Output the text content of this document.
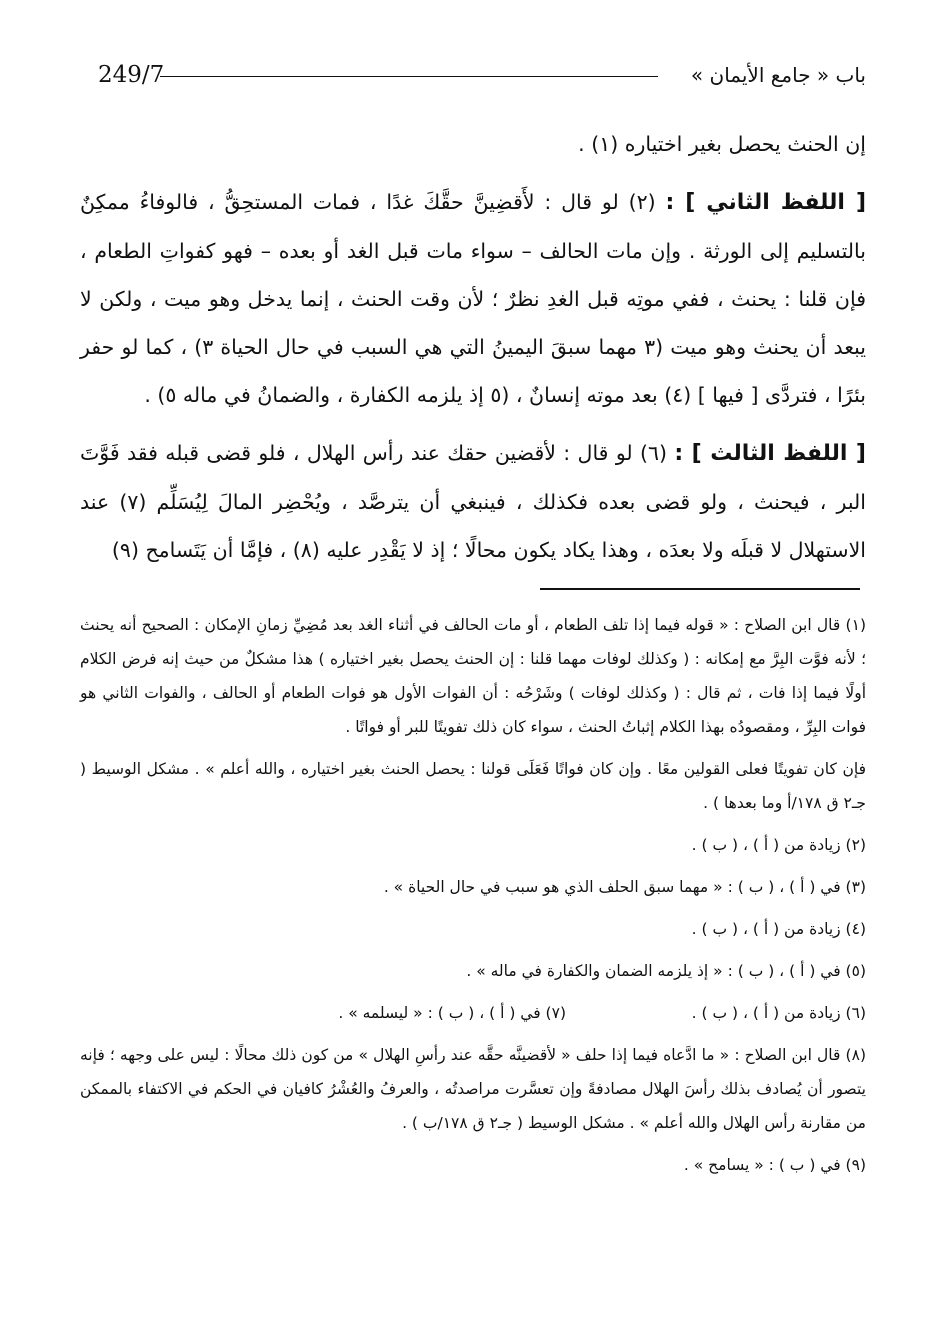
249/7	باب « جامع الأيمان »

إن الحنث يحصل بغير اختياره (١) .

[ اللفظ الثاني ] : (٢) لو قال : لأَقضِينَّ حقَّكَ غدًا ، فمات المستحِقُّ ، فالوفاءُ ممكِنٌ بالتسليم إلى الورثة . وإن مات الحالف – سواء مات قبل الغد أو بعده – فهو كفواتِ الطعام ، فإن قلنا : يحنث ، ففي موتِه قبل الغدِ نظرٌ ؛ لأن وقت الحنث ، إنما يدخل وهو ميت ، ولكن لا يبعد أن يحنث وهو ميت (٣ مهما سبقَ اليمينُ التي هي السبب في حال الحياة ٣) ، كما لو حفر بئرًا ، فتردَّى [ فيها ] (٤) بعد موته إنسانٌ ، (٥ إذ يلزمه الكفارة ، والضمانُ في ماله ٥) .

[ اللفظ الثالث ] : (٦) لو قال : لأقضين حقك عند رأس الهلال ، فلو قضى قبله فقد فَوَّتَ البر ، فيحنث ، ولو قضى بعده فكذلك ، فينبغي أن يترصَّد ، ويُحْضِر المالَ لِيُسَلِّم (٧) عند الاستهلال لا قبلَه ولا بعدَه ، وهذا يكاد يكون محالًا ؛ إذ لا يَقْدِر عليه (٨) ، فإمَّا أن يَتَسامح (٩)

(١) قال ابن الصلاح : « قوله فيما إذا تلف الطعام ، أو مات الحالف في أثناء الغد بعد مُضِيِّ زمانِ الإمكان : الصحيح أنه يحنث ؛ لأنه فوَّت البِرَّ مع إمكانه : ( وكذلك لوفات مهما قلنا : إن الحنث يحصل بغير اختياره ) هذا مشكلٌ من حيث إنه فرض الكلام أولًا فيما إذا فات ، ثم قال : ( وكذلك لوفات ) وشَرْحُه : أن الفوات الأول هو فوات الطعام أو الحالف ، والفوات الثاني هو فوات البِرِّ ، ومقصودُه بهذا الكلام إثباتُ الحنث ، سواء كان ذلك تفويتًا للبر أو فواتًا .

فإن كان تفويتًا فعلى القولين معًا . وإن كان فواتًا فَعَلَى قولنا : يحصل الحنث بغير اختياره ، والله أعلم » . مشكل الوسيط ( جـ٢ ق ١٧٨/أ وما بعدها ) .

(٢) زيادة من ( أ ) ، ( ب ) .

(٣) في ( أ ) ، ( ب ) : « مهما سبق الحلف الذي هو سبب في حال الحياة » .

(٤) زيادة من ( أ ) ، ( ب ) .

(٥) في ( أ ) ، ( ب ) : « إذ يلزمه الضمان والكفارة في ماله » .

(٦) زيادة من ( أ ) ، ( ب ) .
(٧) في ( أ ) ، ( ب ) : « ليسلمه » .

(٨) قال ابن الصلاح : « ما ادَّعاه فيما إذا حلف « لأقضينَّه حقَّه عند رأسِ الهلال » من كون ذلك محالًا : ليس على وجهه ؛ فإنه يتصور أن يُصادف بذلك رأسَ الهلال مصادفةً وإن تعسَّرت مراصدتُه ، والعرفُ والعُشْرُ كافيان في الحكم في الاكتفاء بالممكن من مقارنة رأس الهلال والله أعلم » . مشكل الوسيط ( جـ٢ ق ١٧٨/ب ) .

(٩) في ( ب ) : « يسامح » .
